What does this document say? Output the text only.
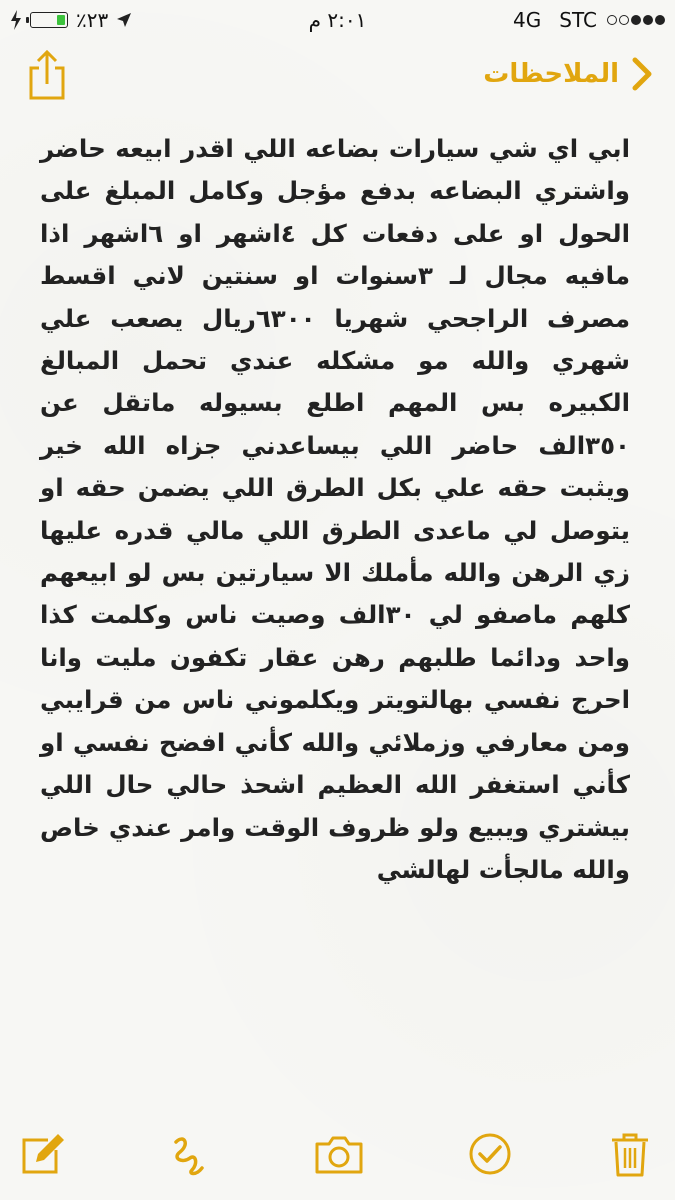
٪٢٣	٢:٠١ م	4G STC
الملاحظات
ابي اي شي سيارات بضاعه اللي اقدر ابيعه حاضر واشتري البضاعه بدفع مؤجل وكامل المبلغ على الحول او على دفعات كل ٤اشهر او ٦اشهر اذا مافيه مجال لـ ٣سنوات او سنتين لاني اقسط مصرف الراجحي شهريا ٦٣٠٠ريال يصعب علي شهري والله مو مشكله عندي تحمل المبالغ الكبيره بس المهم اطلع بسيوله ماتقل عن ٣٥٠الف حاضر اللي بيساعدني جزاه الله خير ويثبت حقه علي بكل الطرق اللي يضمن حقه او يتوصل لي ماعدى الطرق اللي مالي قدره عليها زي الرهن والله مأملك الا سيارتين بس لو ابيعهم كلهم ماصفو لي ٣٠الف وصيت ناس وكلمت كذا واحد ودائما طلبهم رهن عقار تكفون مليت وانا احرج نفسي بهالتويتر ويكلموني ناس من قرايبي ومن معارفي وزملائي والله كأني افضح نفسي او كأني استغفر الله العظيم اشحذ حالي حال اللي بيشتري ويبيع ولو ظروف الوقت وامر عندي خاص والله مالجأت لهالشي
